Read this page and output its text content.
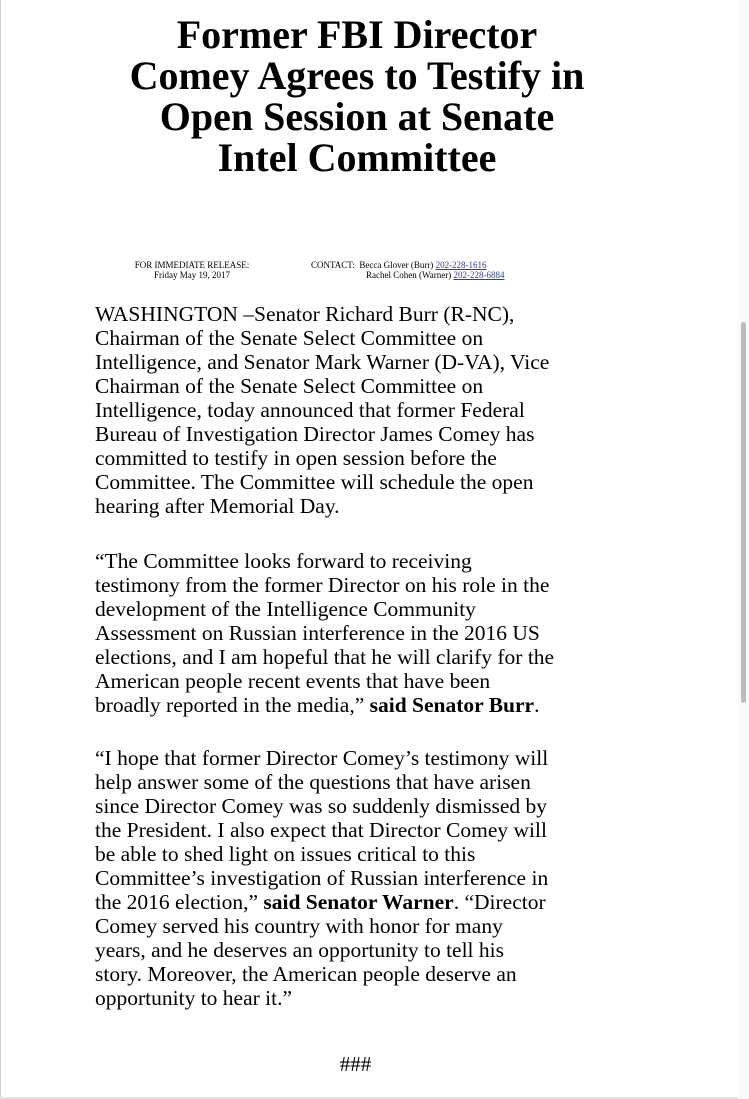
Former FBI Director
Comey Agrees to Testify in
Open Session at Senate
Intel Committee
FOR IMMEDIATE RELEASE:
Friday May 19, 2017
CONTACT: Becca Glover (Burr) 202-228-1616
Rachel Cohen (Warner) 202-228-6884

WASHINGTON –Senator Richard Burr (R-NC),
Chairman of the Senate Select Committee on
Intelligence, and Senator Mark Warner (D-VA), Vice
Chairman of the Senate Select Committee on
Intelligence, today announced that former Federal
Bureau of Investigation Director James Comey has
committed to testify in open session before the
Committee. The Committee will schedule the open
hearing after Memorial Day.

“The Committee looks forward to receiving
testimony from the former Director on his role in the
development of the Intelligence Community
Assessment on Russian interference in the 2016 US
elections, and I am hopeful that he will clarify for the
American people recent events that have been
broadly reported in the media,” said Senator Burr.

“I hope that former Director Comey’s testimony will
help answer some of the questions that have arisen
since Director Comey was so suddenly dismissed by
the President. I also expect that Director Comey will
be able to shed light on issues critical to this
Committee’s investigation of Russian interference in
the 2016 election,” said Senator Warner. “Director
Comey served his country with honor for many
years, and he deserves an opportunity to tell his
story. Moreover, the American people deserve an
opportunity to hear it.”

###
